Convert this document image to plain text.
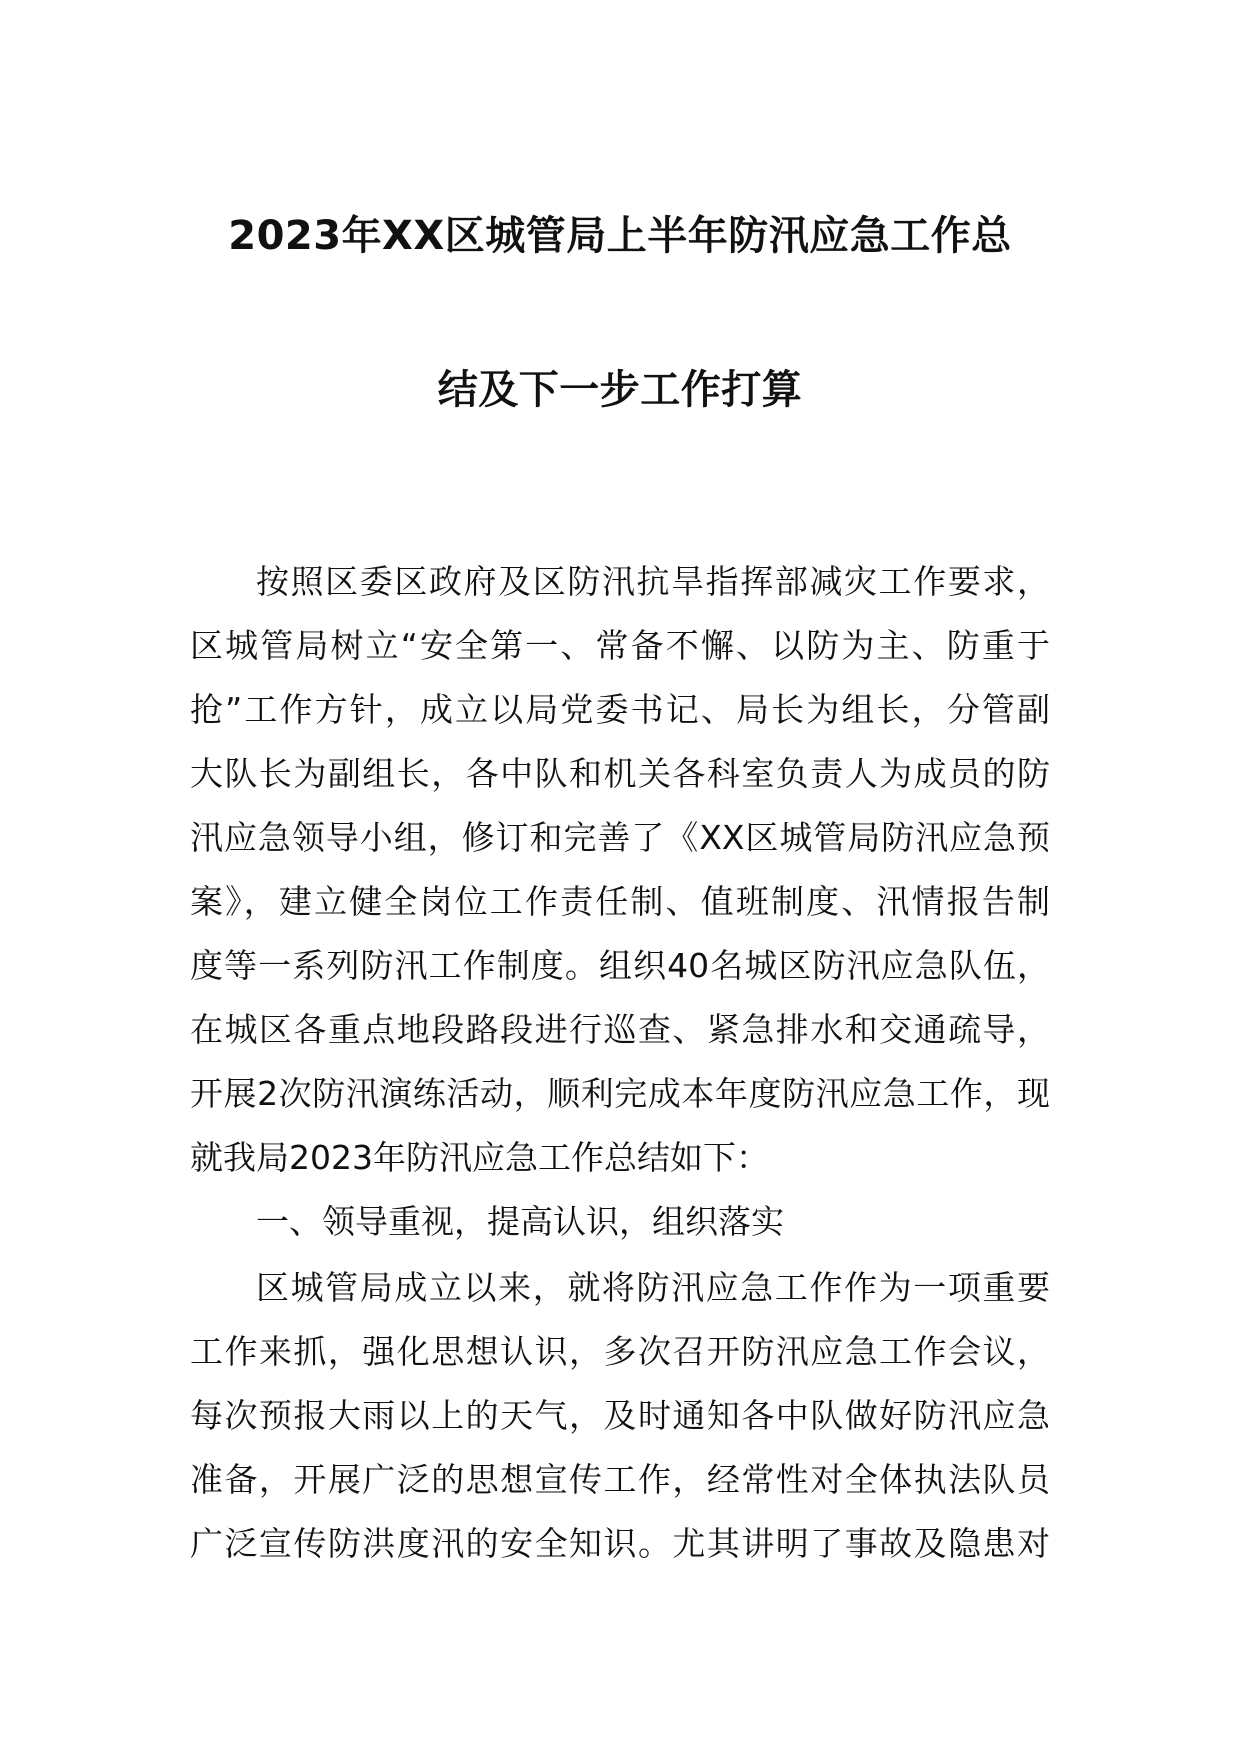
2023年XX区城管局上半年防汛应急工作总
结及下一步工作打算
按照区委区政府及区防汛抗旱指挥部减灾工作要求，
区城管局树立“安全第一、常备不懈、以防为主、防重于
抢”工作方针，成立以局党委书记、局长为组长，分管副
大队长为副组长，各中队和机关各科室负责人为成员的防
汛应急领导小组，修订和完善了《XX区城管局防汛应急预
案》，建立健全岗位工作责任制、值班制度、汛情报告制
度等一系列防汛工作制度。组织40名城区防汛应急队伍，
在城区各重点地段路段进行巡查、紧急排水和交通疏导，
开展2次防汛演练活动，顺利完成本年度防汛应急工作，现
就我局2023年防汛应急工作总结如下：
一、领导重视，提高认识，组织落实
区城管局成立以来，就将防汛应急工作作为一项重要
工作来抓，强化思想认识，多次召开防汛应急工作会议，
每次预报大雨以上的天气，及时通知各中队做好防汛应急
准备，开展广泛的思想宣传工作，经常性对全体执法队员
广泛宣传防洪度汛的安全知识。尤其讲明了事故及隐患对
